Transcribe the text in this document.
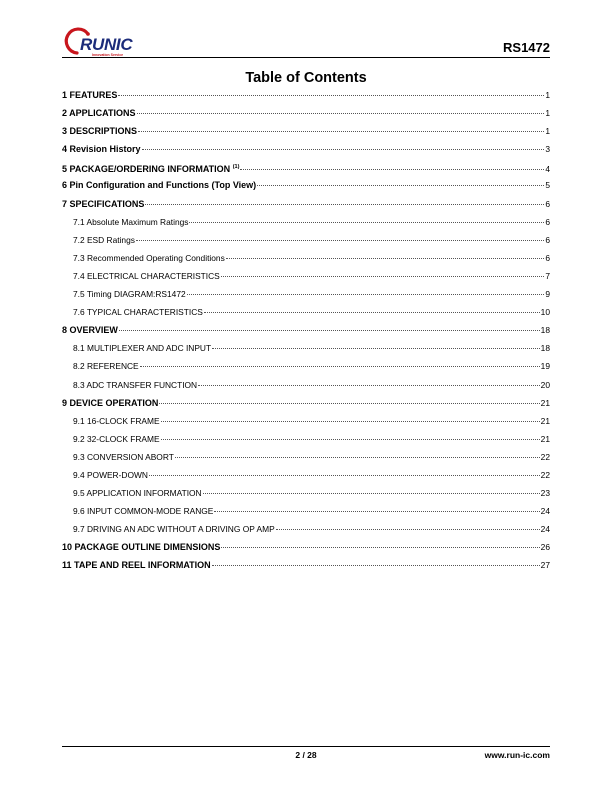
RUNIC
Innovation Service	RS1472
Table of Contents
1 FEATURES	1
2 APPLICATIONS	1
3 DESCRIPTIONS	1
4 Revision History	3
5 PACKAGE/ORDERING INFORMATION $^{(1)}$	4
6 Pin Configuration and Functions (Top View)	5
7 SPECIFICATIONS	6
7.1 Absolute Maximum Ratings	6
7.2 ESD Ratings	6
7.3 Recommended Operating Conditions	6
7.4 ELECTRICAL CHARACTERISTICS	7
7.5 Timing DIAGRAM:RS1472	9
7.6 TYPICAL CHARACTERISTICS	10
8 OVERVIEW	18
8.1 MULTIPLEXER AND ADC INPUT	18
8.2 REFERENCE	19
8.3 ADC TRANSFER FUNCTION	20
9 DEVICE OPERATION	21
9.1 16-CLOCK FRAME	21
9.2 32-CLOCK FRAME	21
9.3 CONVERSION ABORT	22
9.4 POWER-DOWN	22
9.5 APPLICATION INFORMATION	23
9.6 INPUT COMMON-MODE RANGE	24
9.7 DRIVING AN ADC WITHOUT A DRIVING OP AMP	24
10 PACKAGE OUTLINE DIMENSIONS	26
11 TAPE AND REEL INFORMATION	27
2 / 28	www.run-ic.com
